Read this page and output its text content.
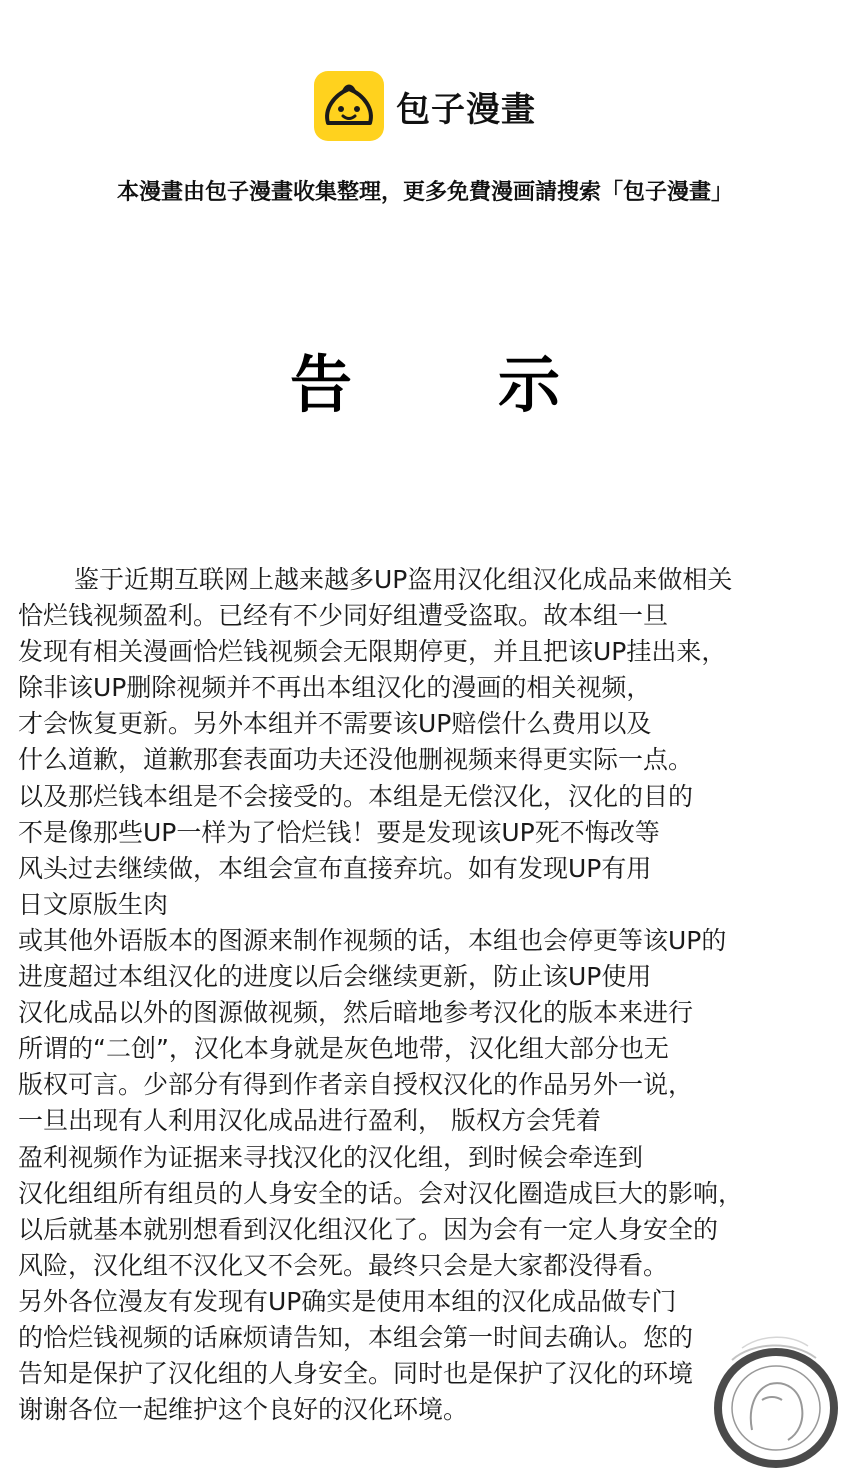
包子漫畫
本漫畫由包子漫畫收集整理，更多免費漫画請搜索「包子漫畫」
告 示
鉴于近期互联网上越来越多UP盗用汉化组汉化成品来做相关
恰烂钱视频盈利。已经有不少同好组遭受盗取。故本组一旦
发现有相关漫画恰烂钱视频会无限期停更，并且把该UP挂出来，
除非该UP删除视频并不再出本组汉化的漫画的相关视频，
才会恢复更新。另外本组并不需要该UP赔偿什么费用以及
什么道歉，道歉那套表面功夫还没他删视频来得更实际一点。
以及那烂钱本组是不会接受的。本组是无偿汉化，汉化的目的
不是像那些UP一样为了恰烂钱！要是发现该UP死不悔改等
风头过去继续做，本组会宣布直接弃坑。如有发现UP有用
日文原版生肉
或其他外语版本的图源来制作视频的话，本组也会停更等该UP的
进度超过本组汉化的进度以后会继续更新，防止该UP使用
汉化成品以外的图源做视频，然后暗地参考汉化的版本来进行
所谓的“二创”，汉化本身就是灰色地带，汉化组大部分也无
版权可言。少部分有得到作者亲自授权汉化的作品另外一说，
一旦出现有人利用汉化成品进行盈利， 版权方会凭着
盈利视频作为证据来寻找汉化的汉化组，到时候会牵连到
汉化组组所有组员的人身安全的话。会对汉化圈造成巨大的影响，
以后就基本就别想看到汉化组汉化了。因为会有一定人身安全的
风险，汉化组不汉化又不会死。最终只会是大家都没得看。
另外各位漫友有发现有UP确实是使用本组的汉化成品做专门
的恰烂钱视频的话麻烦请告知，本组会第一时间去确认。您的
告知是保护了汉化组的人身安全。同时也是保护了汉化的环境
谢谢各位一起维护这个良好的汉化环境。
